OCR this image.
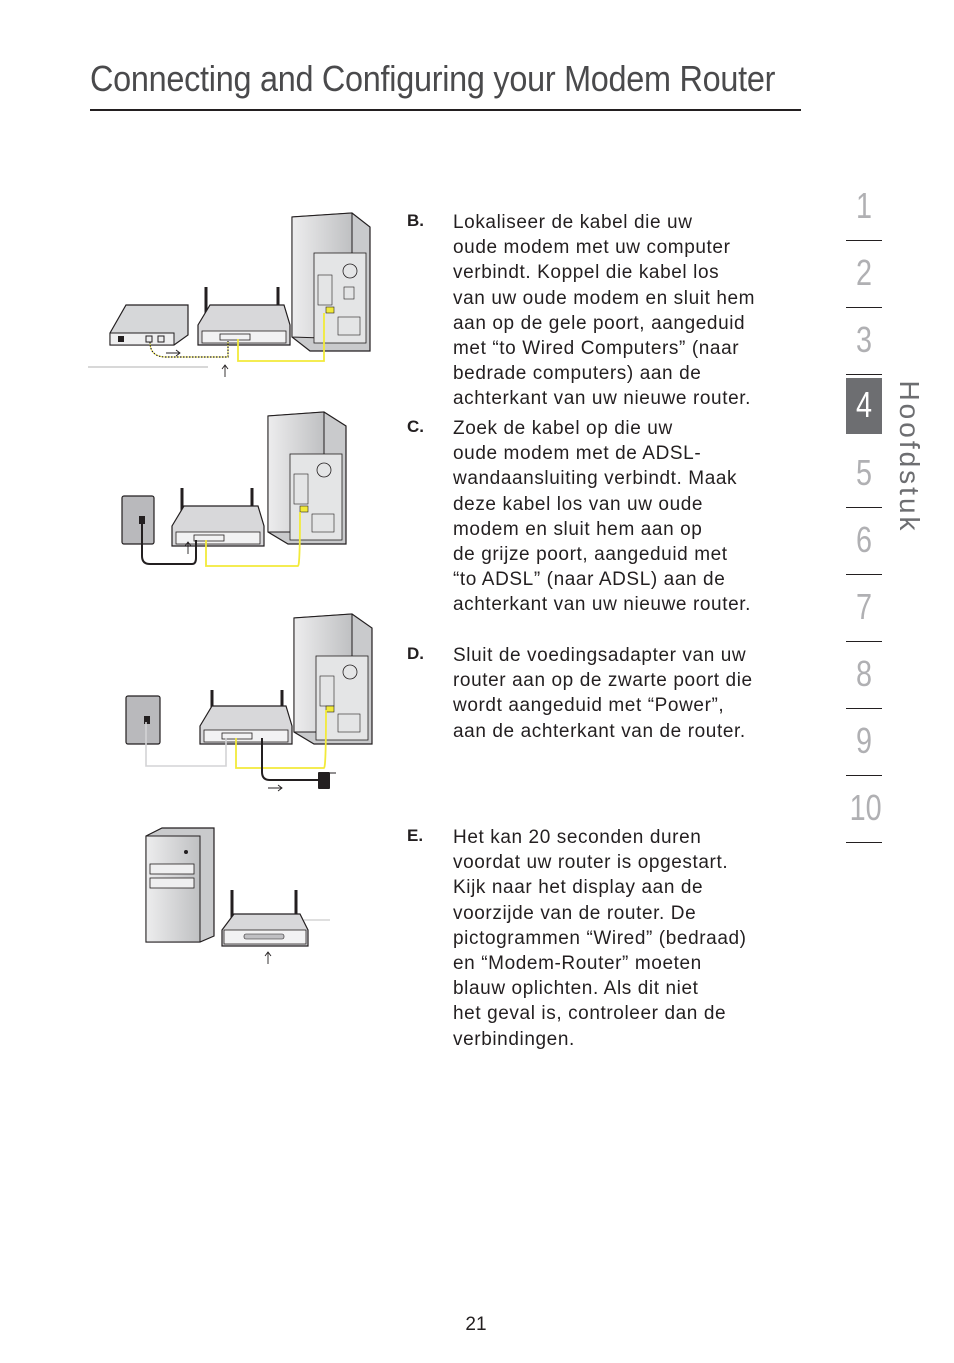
Connecting and Configuring your Modem Router
B. Lokaliseer de kabel die uw
oude modem met uw computer
verbindt. Koppel die kabel los
van uw oude modem en sluit hem
aan op de gele poort, aangeduid
met “to Wired Computers” (naar
bedrade computers) aan de
achterkant van uw nieuwe router.
C. Zoek de kabel op die uw
oude modem met de ADSL-
wandaansluiting verbindt. Maak
deze kabel los van uw oude
modem en sluit hem aan op
de grijze poort, aangeduid met
“to ADSL” (naar ADSL) aan de
achterkant van uw nieuwe router.
D. Sluit de voedingsadapter van uw
router aan op de zwarte poort die
wordt aangeduid met “Power”,
aan de achterkant van de router.
E. Het kan 20 seconden duren
voordat uw router is opgestart.
Kijk naar het display aan de
voorzijde van de router. De
pictogrammen “Wired” (bedraad)
en “Modem-Router” moeten
blauw oplichten. Als dit niet
het geval is, controleer dan de
verbindingen.
1
2
3
4
5
6
7
8
9
10
Hoofdstuk
21
